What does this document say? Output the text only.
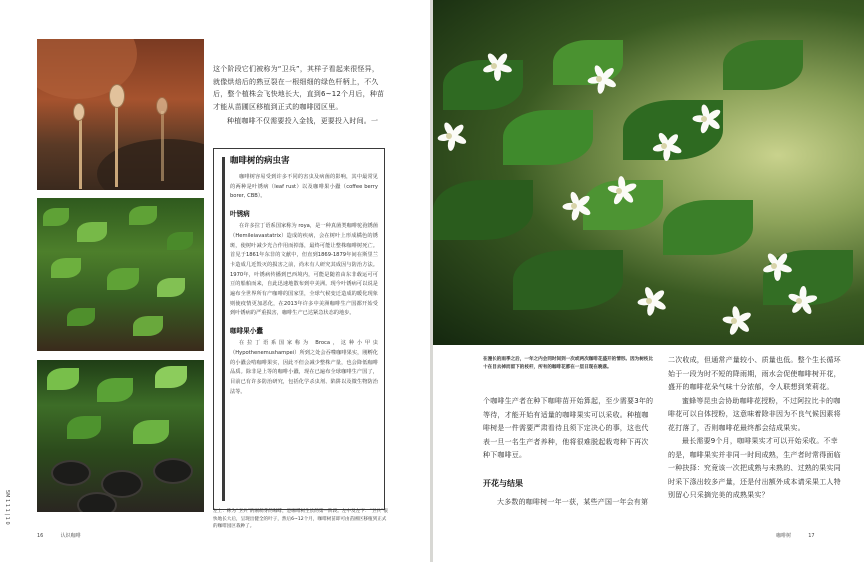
这个阶段它们被称为“卫兵”，其样子看起来很怪异，就像烘焙后的熟豆裂在一根细细的绿色杆柄上，不久后，整个植株会飞快地长大，直到6~12个月后，种苗才能从苗圃区移植到正式的咖啡园区里。

种植咖啡不仅需要投入金钱，更要投入时间。一

咖啡树的病虫害

咖啡树容易受到许多不同的害虫及病菌的影响，其中最常见的两种是叶锈病（leaf rust）以及咖啡果小蠹（coffee berry borer, CBB）。

叶锈病

在许多拉丁语系国家称为 roya，是一种真菌类咖啡驼孢锈菌（Hemileiavastatrix）造成的疾病，会在树叶上形成橘色的锈斑，使树叶减少光合作用而掉落，最终可能让整株咖啡树死亡。首见于1861年东非的文献中，但直到1869-1879年间在斯里兰卡造成几近毁灭的损害之前，尚未有人研究其成因与防治方法。1970年，叶锈病传播到巴西境内，可能是随着由东非载运可可豆的船舶而来，自此迅速地散布到中美洲。现今叶锈病可以说是遍布全世界所有产咖啡的国家里，全球气候变迁造成的暖化现象则使疫情更加恶化，在2013年许多中美洲咖啡生产国都开始受到叶锈病的严重损害，咖啡生产已达紧急状态的地步。

咖啡果小蠹

在拉丁语系国家称为 Broca，这种小甲虫（Hypothenemushampei）所到之处会吞噬咖啡果实，刚孵化的小蠹会啃咖啡果实，因此不但会减少整株产量，也会降低咖啡品质。除非是上等的咖啡小蠹，现在已遍布全球咖啡生产国了，目前已有许多防治研究，包括化学杀虫剂、陷阱以及微生物防治法等。

左上：称为“卫兵”的刚萌芽的咖啡，是咖啡树生长的第一阶段。左中及左下：“卫兵”很快地长大后，呈现出健全的叶子，然后6~12个月，咖啡树苗即可由苗圃区移植到正式的咖啡园区栽种了。
16	认识咖啡
5M 1 1 1 | 1 0
在漫长的雨季之后，一年之内会同时间到一次或两次咖啡花盛开的情形。因为树枝比十在目去掉而留下的枝杆，所有的咖啡花都在一层日现在晚落。

个咖啡生产者在种下咖啡苗开始算起，至少需要3年的等待，才能开始有适量的咖啡果实可以采收。种植咖啡树是一件需要严肃看待且须下定决心的事，这也代表一旦一名生产者养种，他将很难脱起栽弯种下再次种下咖啡豆。

开花与结果

大多数的咖啡树一年一获，某些产国一年会有第

二次收成，但通常产量较小、质量也低。整个生长循环始于一段为时不短的降雨期，雨水会促使咖啡树开花，盛开的咖啡花朵气味十分浓郁，令人联想到茉莉花。

蜜蜂等昆虫会协助咖啡花授粉，不过阿拉比卡的咖啡花可以自体授粉，这意味着除非因为不良气候因素将花打落了，否则咖啡花最终都会结成果实。

最长需要9个月，咖啡果实才可以开始采收。不幸的是，咖啡果实并非同一时间成熟，生产者时常得面临一种抉择：究竟该一次把成熟与未熟的、过熟的果实同时采下涤出较多产量，还是付出额外成本请采果工人特别留心只采摘完美的成熟果实？

咖啡树	17
